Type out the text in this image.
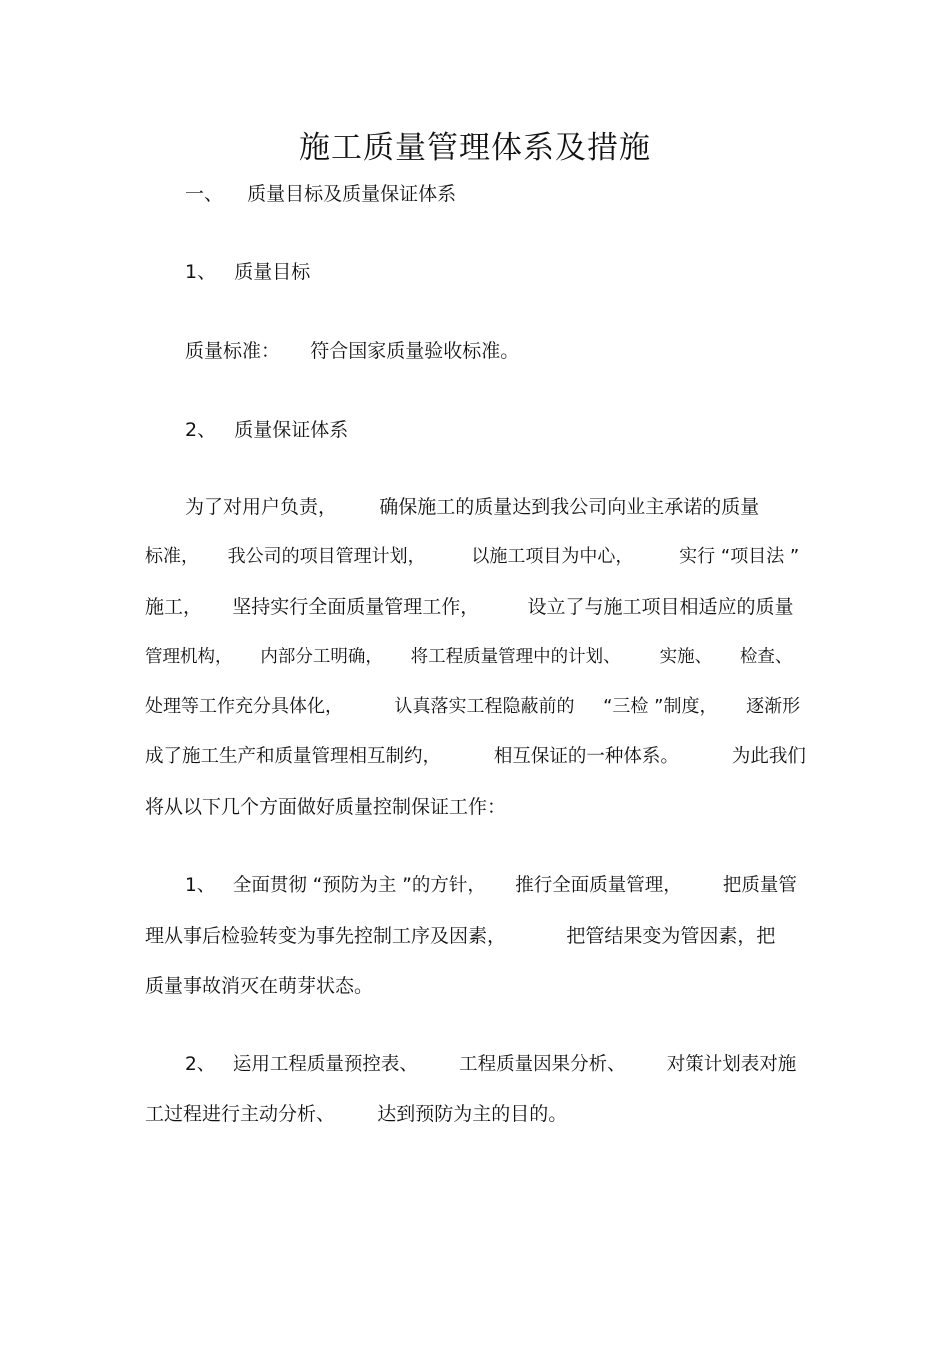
施工质量管理体系及措施
一、    质量目标及质量保证体系
1、   质量目标
质量标准：     符合国家质量验收标准。
2、   质量保证体系
为了对用户负责，       确保施工的质量达到我公司向业主承诺的质量
标准，     我公司的项目管理计划，        以施工项目为中心，        实行 “项目法 ”
施工，     坚持实行全面质量管理工作，        设立了与施工项目相适应的质量
管理机构，     内部分工明确，     将工程质量管理中的计划、       实施、     检查、
处理等工作充分具体化，         认真落实工程隐蔽前的     “三检 ”制度，     逐渐形
成了施工生产和质量管理相互制约，         相互保证的一种体系。         为此我们
将从以下几个方面做好质量控制保证工作：
1、   全面贯彻 “预防为主 ”的方针，     推行全面质量管理，       把质量管
理从事后检验转变为事先控制工序及因素，          把管结果变为管因素，把
质量事故消灭在萌芽状态。
2、   运用工程质量预控表、       工程质量因果分析、       对策计划表对施
工过程进行主动分析、       达到预防为主的目的。
